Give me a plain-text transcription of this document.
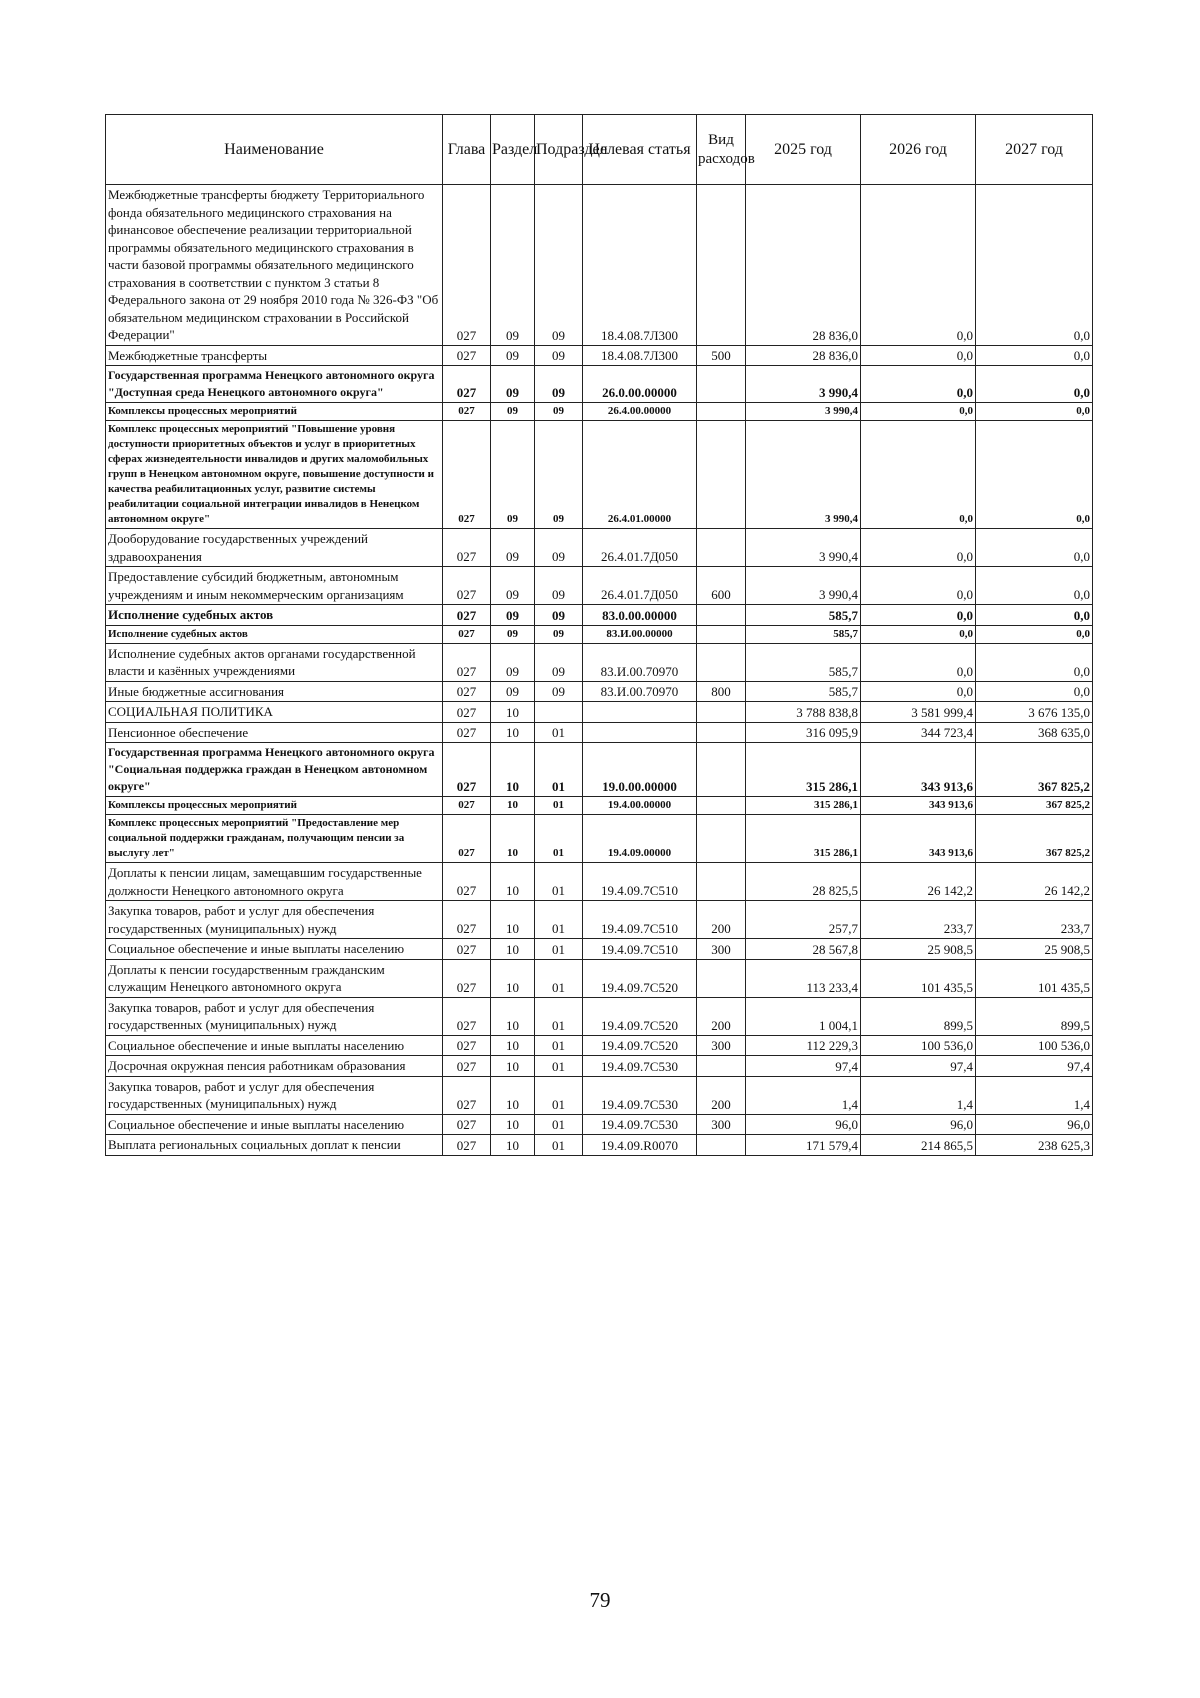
Наименование	Глава	Раздел	Подраздел	Целевая статья	Вид расходов	2025 год	2026 год	2027 год
Межбюджетные трансферты бюджету Территориального фонда обязательного медицинского страхования на финансовое обеспечение реализации территориальной программы обязательного медицинского страхования в части базовой программы обязательного медицинского страхования в соответствии с пунктом 3 статьи 8 Федерального закона от 29 ноября 2010 года № 326-ФЗ "Об обязательном медицинском страховании в Российской Федерации"	027	09	09	18.4.08.7Л300		28 836,0	0,0	0,0
Межбюджетные трансферты	027	09	09	18.4.08.7Л300	500	28 836,0	0,0	0,0
Государственная программа Ненецкого автономного округа "Доступная среда Ненецкого автономного округа"	027	09	09	26.0.00.00000		3 990,4	0,0	0,0
Комплексы процессных мероприятий	027	09	09	26.4.00.00000		3 990,4	0,0	0,0
Комплекс процессных мероприятий "Повышение уровня доступности приоритетных объектов и услуг в приоритетных сферах жизнедеятельности инвалидов и других маломобильных групп в Ненецком автономном округе, повышение доступности и качества реабилитационных услуг, развитие системы реабилитации социальной интеграции инвалидов в Ненецком автономном округе"	027	09	09	26.4.01.00000		3 990,4	0,0	0,0
Дооборудование государственных учреждений здравоохранения	027	09	09	26.4.01.7Д050		3 990,4	0,0	0,0
Предоставление субсидий бюджетным, автономным учреждениям и иным некоммерческим организациям	027	09	09	26.4.01.7Д050	600	3 990,4	0,0	0,0
Исполнение судебных актов	027	09	09	83.0.00.00000		585,7	0,0	0,0
Исполнение судебных актов	027	09	09	83.И.00.00000		585,7	0,0	0,0
Исполнение судебных актов органами государственной власти и казённых учреждениями	027	09	09	83.И.00.70970		585,7	0,0	0,0
Иные бюджетные ассигнования	027	09	09	83.И.00.70970	800	585,7	0,0	0,0
СОЦИАЛЬНАЯ ПОЛИТИКА	027	10				3 788 838,8	3 581 999,4	3 676 135,0
Пенсионное обеспечение	027	10	01			316 095,9	344 723,4	368 635,0
Государственная программа Ненецкого автономного округа "Социальная поддержка граждан в Ненецком автономном округе"	027	10	01	19.0.00.00000		315 286,1	343 913,6	367 825,2
Комплексы процессных мероприятий	027	10	01	19.4.00.00000		315 286,1	343 913,6	367 825,2
Комплекс процессных мероприятий "Предоставление мер социальной поддержки гражданам, получающим пенсии за выслугу лет"	027	10	01	19.4.09.00000		315 286,1	343 913,6	367 825,2
Доплаты к пенсии лицам, замещавшим государственные должности Ненецкого автономного округа	027	10	01	19.4.09.7С510		28 825,5	26 142,2	26 142,2
Закупка товаров, работ и услуг для обеспечения государственных (муниципальных) нужд	027	10	01	19.4.09.7С510	200	257,7	233,7	233,7
Социальное обеспечение и иные выплаты населению	027	10	01	19.4.09.7С510	300	28 567,8	25 908,5	25 908,5
Доплаты к пенсии государственным гражданским служащим Ненецкого автономного округа	027	10	01	19.4.09.7С520		113 233,4	101 435,5	101 435,5
Закупка товаров, работ и услуг для обеспечения государственных (муниципальных) нужд	027	10	01	19.4.09.7С520	200	1 004,1	899,5	899,5
Социальное обеспечение и иные выплаты населению	027	10	01	19.4.09.7С520	300	112 229,3	100 536,0	100 536,0
Досрочная окружная пенсия работникам образования	027	10	01	19.4.09.7С530		97,4	97,4	97,4
Закупка товаров, работ и услуг для обеспечения государственных (муниципальных) нужд	027	10	01	19.4.09.7С530	200	1,4	1,4	1,4
Социальное обеспечение и иные выплаты населению	027	10	01	19.4.09.7С530	300	96,0	96,0	96,0
Выплата региональных социальных доплат к пенсии	027	10	01	19.4.09.R0070		171 579,4	214 865,5	238 625,3
79
